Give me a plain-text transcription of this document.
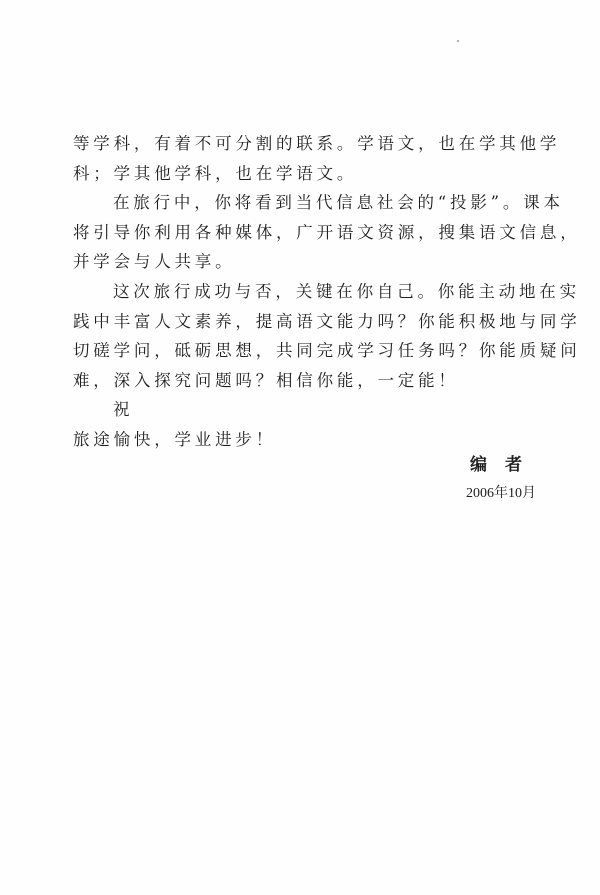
等学科，有着不可分割的联系。学语文，也在学其他学
科；学其他学科，也在学语文。
在旅行中，你将看到当代信息社会的“投影”。课本
将引导你利用各种媒体，广开语文资源，搜集语文信息，
并学会与人共享。
这次旅行成功与否，关键在你自己。你能主动地在实
践中丰富人文素养，提高语文能力吗？你能积极地与同学
切磋学问，砥砺思想，共同完成学习任务吗？你能质疑问
难，深入探究问题吗？相信你能，一定能！
祝
旅途愉快，学业进步！
编者
2006年10月
